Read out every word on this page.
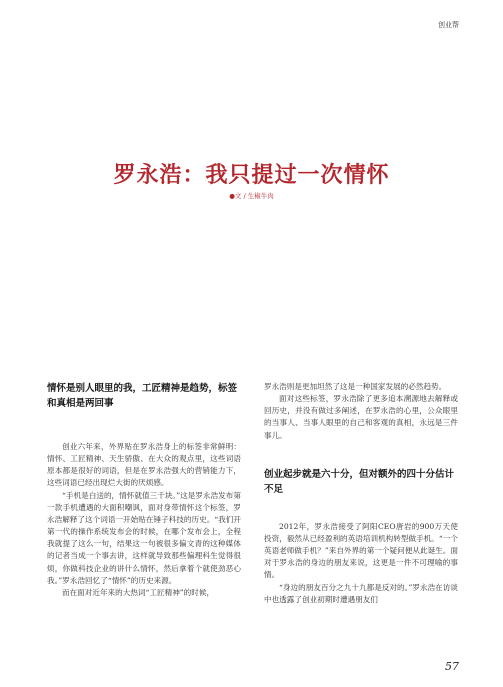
创业帮
罗永浩：我只提过一次情怀
●文 / 生椒牛肉
情怀是别人眼里的我，工匠精神是趋势，标签和真相是两回事

创业六年来，外界贴在罗永浩身上的标签非常鲜明：情怀、工匠精神、天生骄傲、在大众的观点里，这些词语原本都是很好的词语，但是在罗永浩强大的营销能力下，这些词语已经出现烂大街的厌烦感。

“手机是白送的，情怀就值三千块。”这是罗永浩发布第一款手机遭遇的大面积嘲讽，面对身带情怀这个标签，罗永浩解释了这个词语一开始贴在锤子科技的历史。“我们开第一代的操作系统发布会的时候，在哪个发布会上，全程我就提了这么一句，结果这一句被很多偏文青的这种媒体的记者当成一个事去讲，这样就导致那些偏理科生觉得很烦，你做科技企业的讲什么情怀，然后拿着个就使劲恶心我。”罗永浩回忆了“情怀”的历史来源。

而在面对近年来的大热词“工匠精神”的时候，

罗永浩则是更加坦然了这是一种国家发展的必然趋势。

面对这些标签，罗永浩除了更多追本溯源地去解释或回历史，并没有做过多阐述，在罗永浩的心里，公众眼里的当事人、当事人眼里的自己和客观的真相，永远是三件事儿。

创业起步就是六十分，但对额外的四十分估计不足

2012年，罗永浩接受了阿阳CEO唐岩的900万天使投资，毅然从已经盈利的英语培训机构转型做手机。“一个英语老师做手机？”来自外界的第一个疑问便从此诞生。面对于罗永浩的身边的朋友来说，这更是一件不可理喻的事情。

“身边的朋友百分之九十九都是反对的。”罗永浩在访谈中也透露了创业初期时遭遇朋友们

57
